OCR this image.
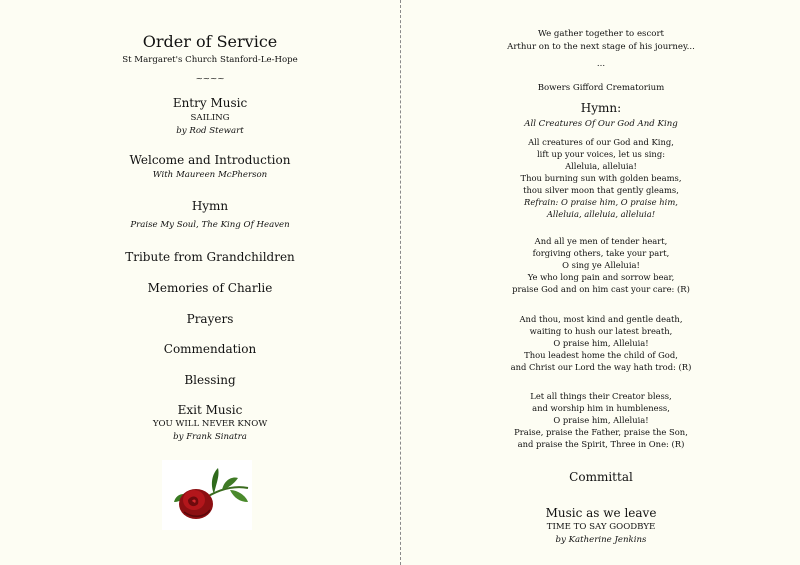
Order of Service
St Margaret's Church Stanford-Le-Hope
~~~~
Entry Music
SAILING
by Rod Stewart
Welcome and Introduction
With Maureen McPherson
Hymn
Praise My Soul, The King Of Heaven
Tribute from Grandchildren
Memories of Charlie
Prayers
Commendation
Blessing
Exit Music
YOU WILL NEVER KNOW
by Frank Sinatra
We gather together to escort
Arthur on to the next stage of his journey...
...
Bowers Gifford Crematorium
Hymn:
All Creatures Of Our God And King
All creatures of our God and King,
lift up your voices, let us sing:
Alleluia, alleluia!
Thou burning sun with golden beams,
thou silver moon that gently gleams,
Refrain: O praise him, O praise him,
Alleluia, alleluia, alleluia!
And all ye men of tender heart,
forgiving others, take your part,
O sing ye Alleluia!
Ye who long pain and sorrow bear,
praise God and on him cast your care: (R)
And thou, most kind and gentle death,
waiting to hush our latest breath,
O praise him, Alleluia!
Thou leadest home the child of God,
and Christ our Lord the way hath trod: (R)
Let all things their Creator bless,
and worship him in humbleness,
O praise him, Alleluia!
Praise, praise the Father, praise the Son,
and praise the Spirit, Three in One: (R)
Committal
Music as we leave
TIME TO SAY GOODBYE
by Katherine Jenkins
